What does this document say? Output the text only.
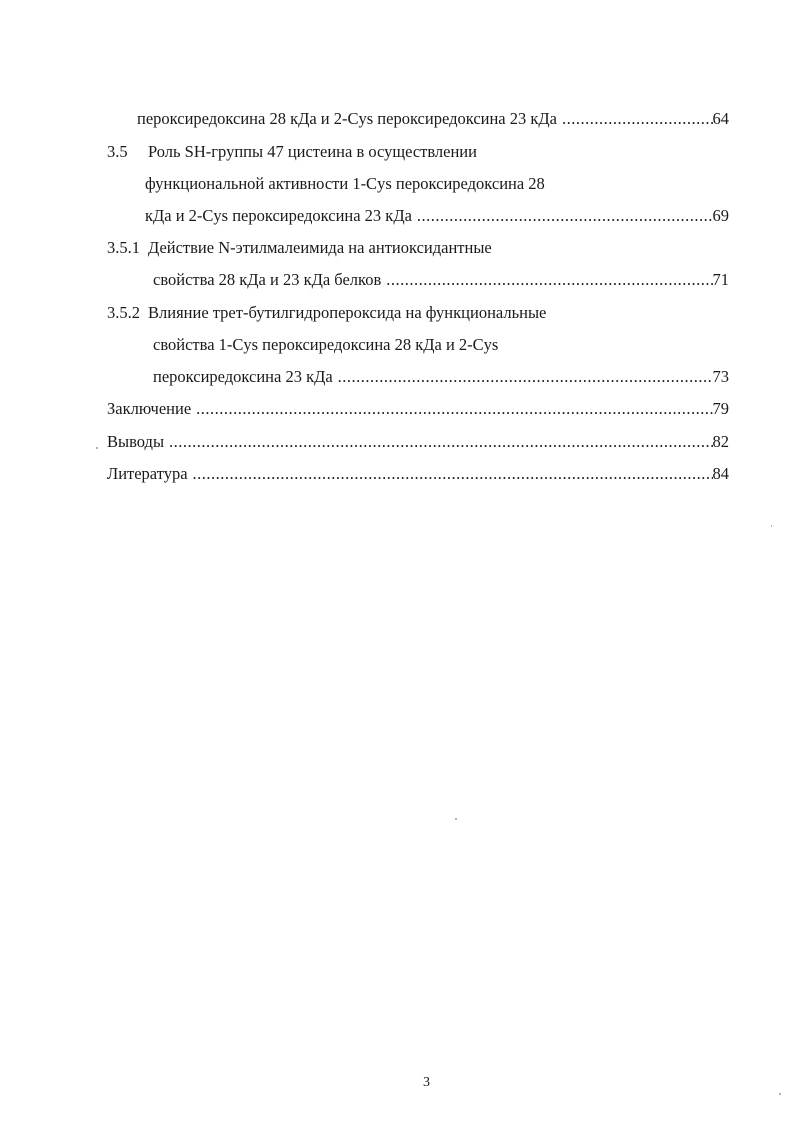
пероксиредоксина 28 кДа и 2-Cys пероксиредоксина 23 кДа .....	64
3.5 Роль SH-группы 47 цистеина в осуществлении
функциональной активности 1-Cys пероксиредоксина 28
кДа и 2-Cys пероксиредоксина 23 кДа .....	69
3.5.1 Действие N-этилмалеимида на антиоксидантные
свойства 28 кДа и 23 кДа белков .....	71
3.5.2 Влияние трет-бутилгидропероксида на функциональные
свойства 1-Cys пероксиредоксина 28 кДа и 2-Cys
пероксиредоксина 23 кДа .....	73
Заключение .....	79
Выводы .....	82
Литература .....	84
3
